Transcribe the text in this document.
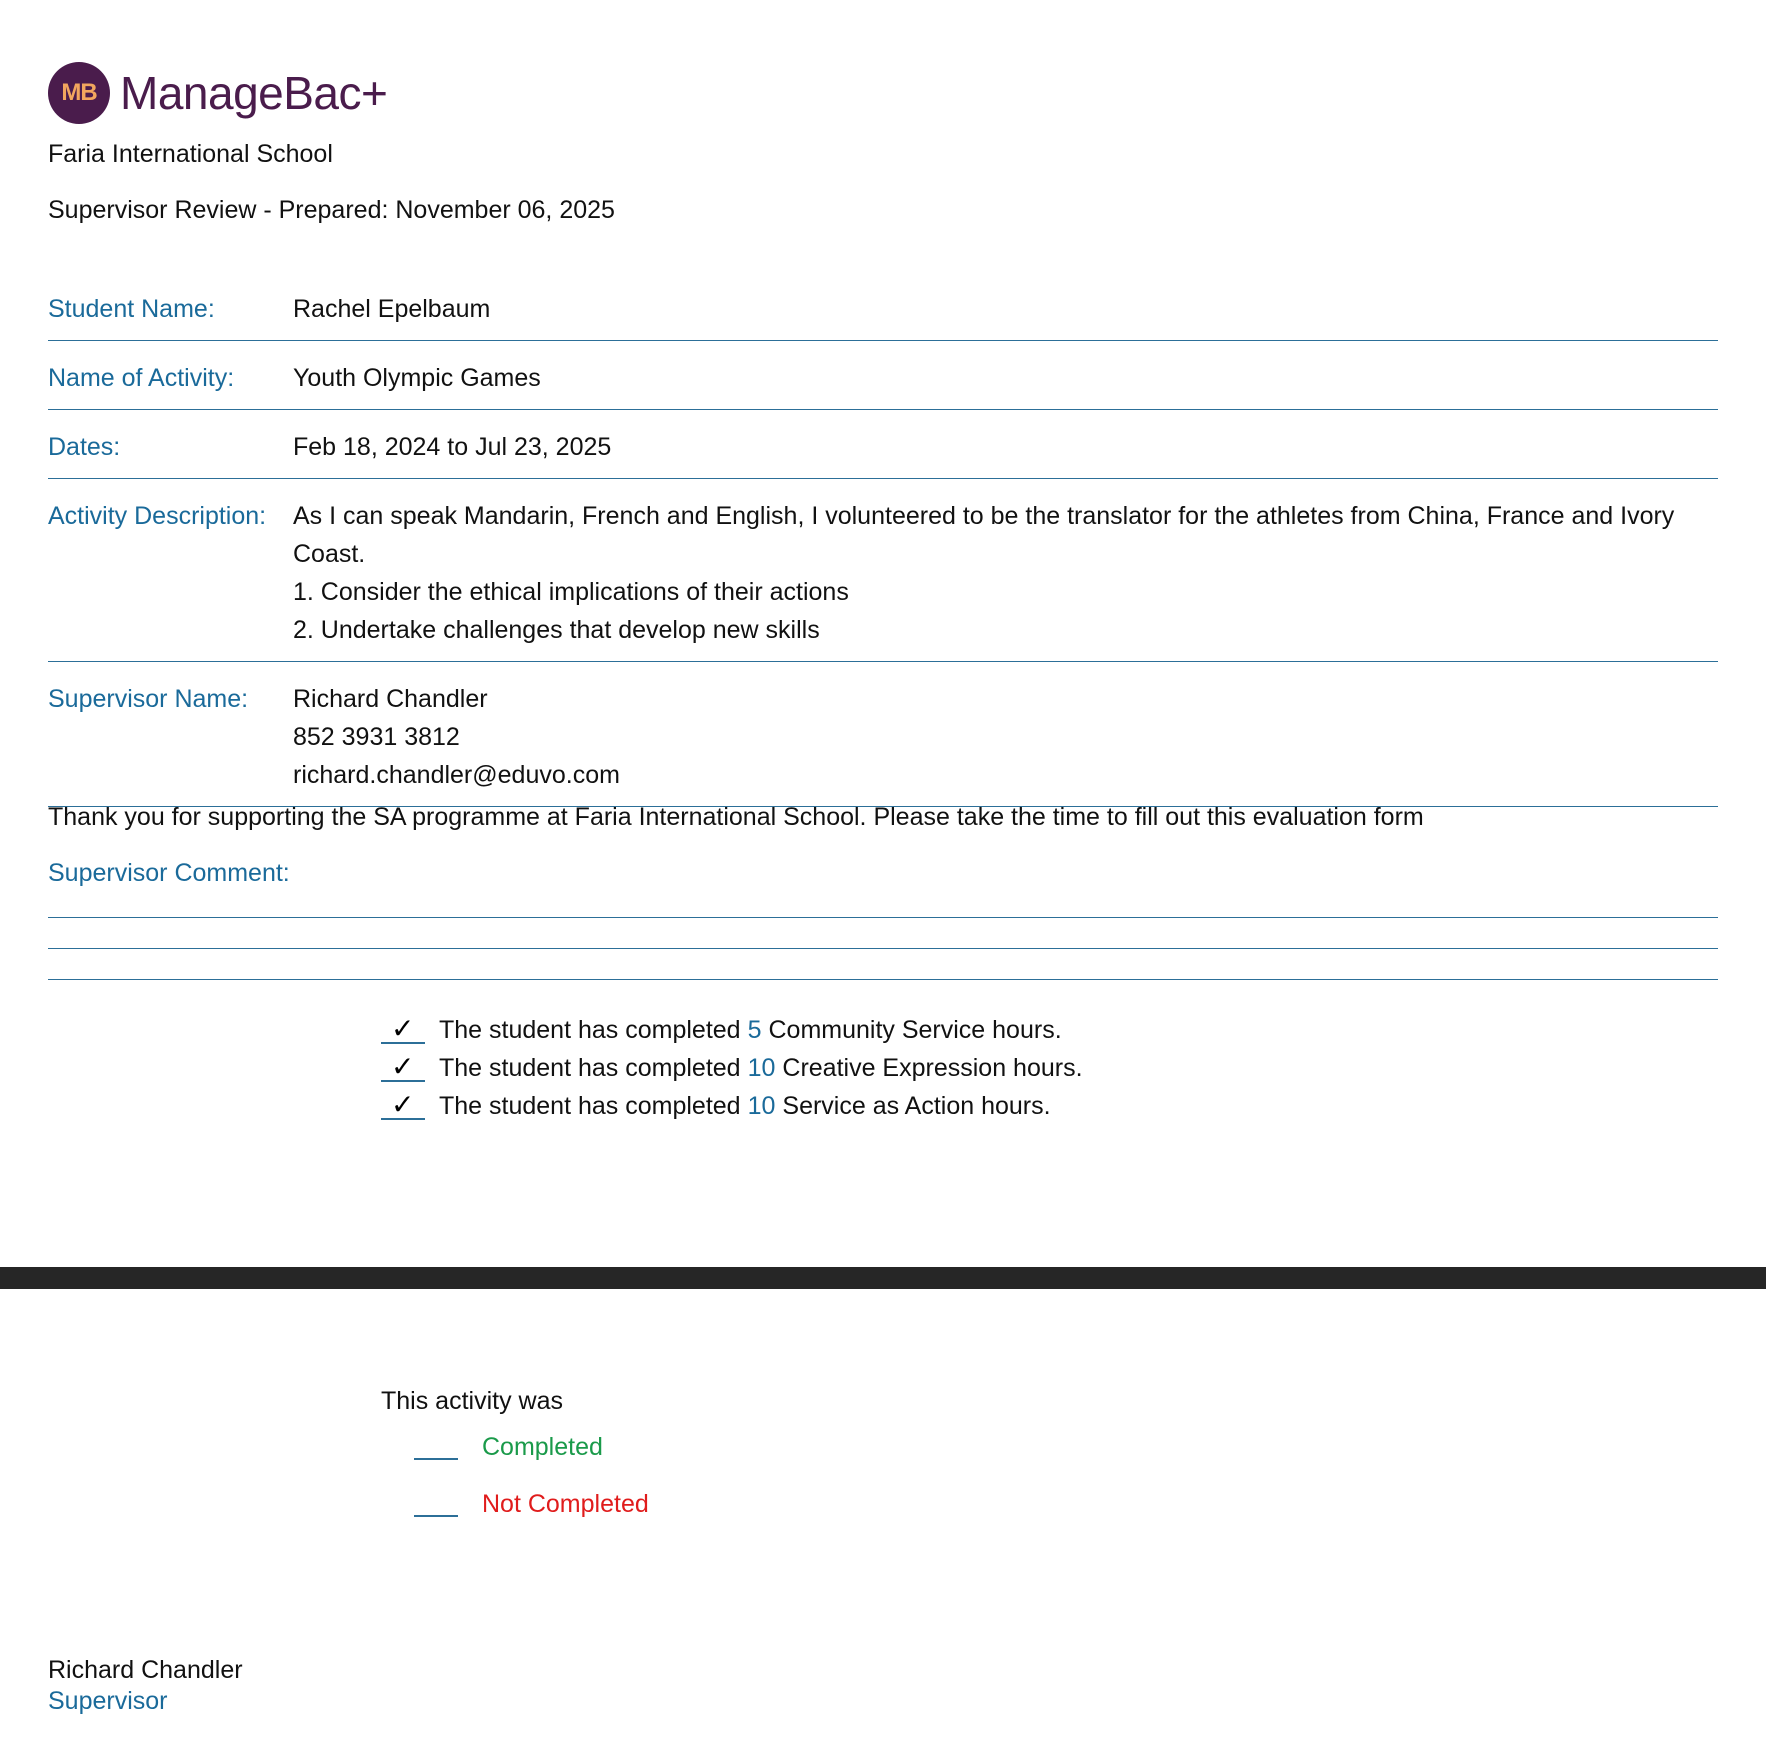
MB ManageBac+
Faria International School
Supervisor Review - Prepared: November 06, 2025
Student Name:	Rachel Epelbaum
Name of Activity:	Youth Olympic Games
Dates:	Feb 18, 2024 to Jul 23, 2025
Activity Description:	As I can speak Mandarin, French and English, I volunteered to be the translator for the athletes from China, France and Ivory Coast.
1. Consider the ethical implications of their actions
2. Undertake challenges that develop new skills
Supervisor Name:	Richard Chandler
852 3931 3812
richard.chandler@eduvo.com
Thank you for supporting the SA programme at Faria International School. Please take the time to fill out this evaluation form
Supervisor Comment:
✓ The student has completed 5 Community Service hours.
✓ The student has completed 10 Creative Expression hours.
✓ The student has completed 10 Service as Action hours.
This activity was
Completed
Not Completed
Richard Chandler
Supervisor
